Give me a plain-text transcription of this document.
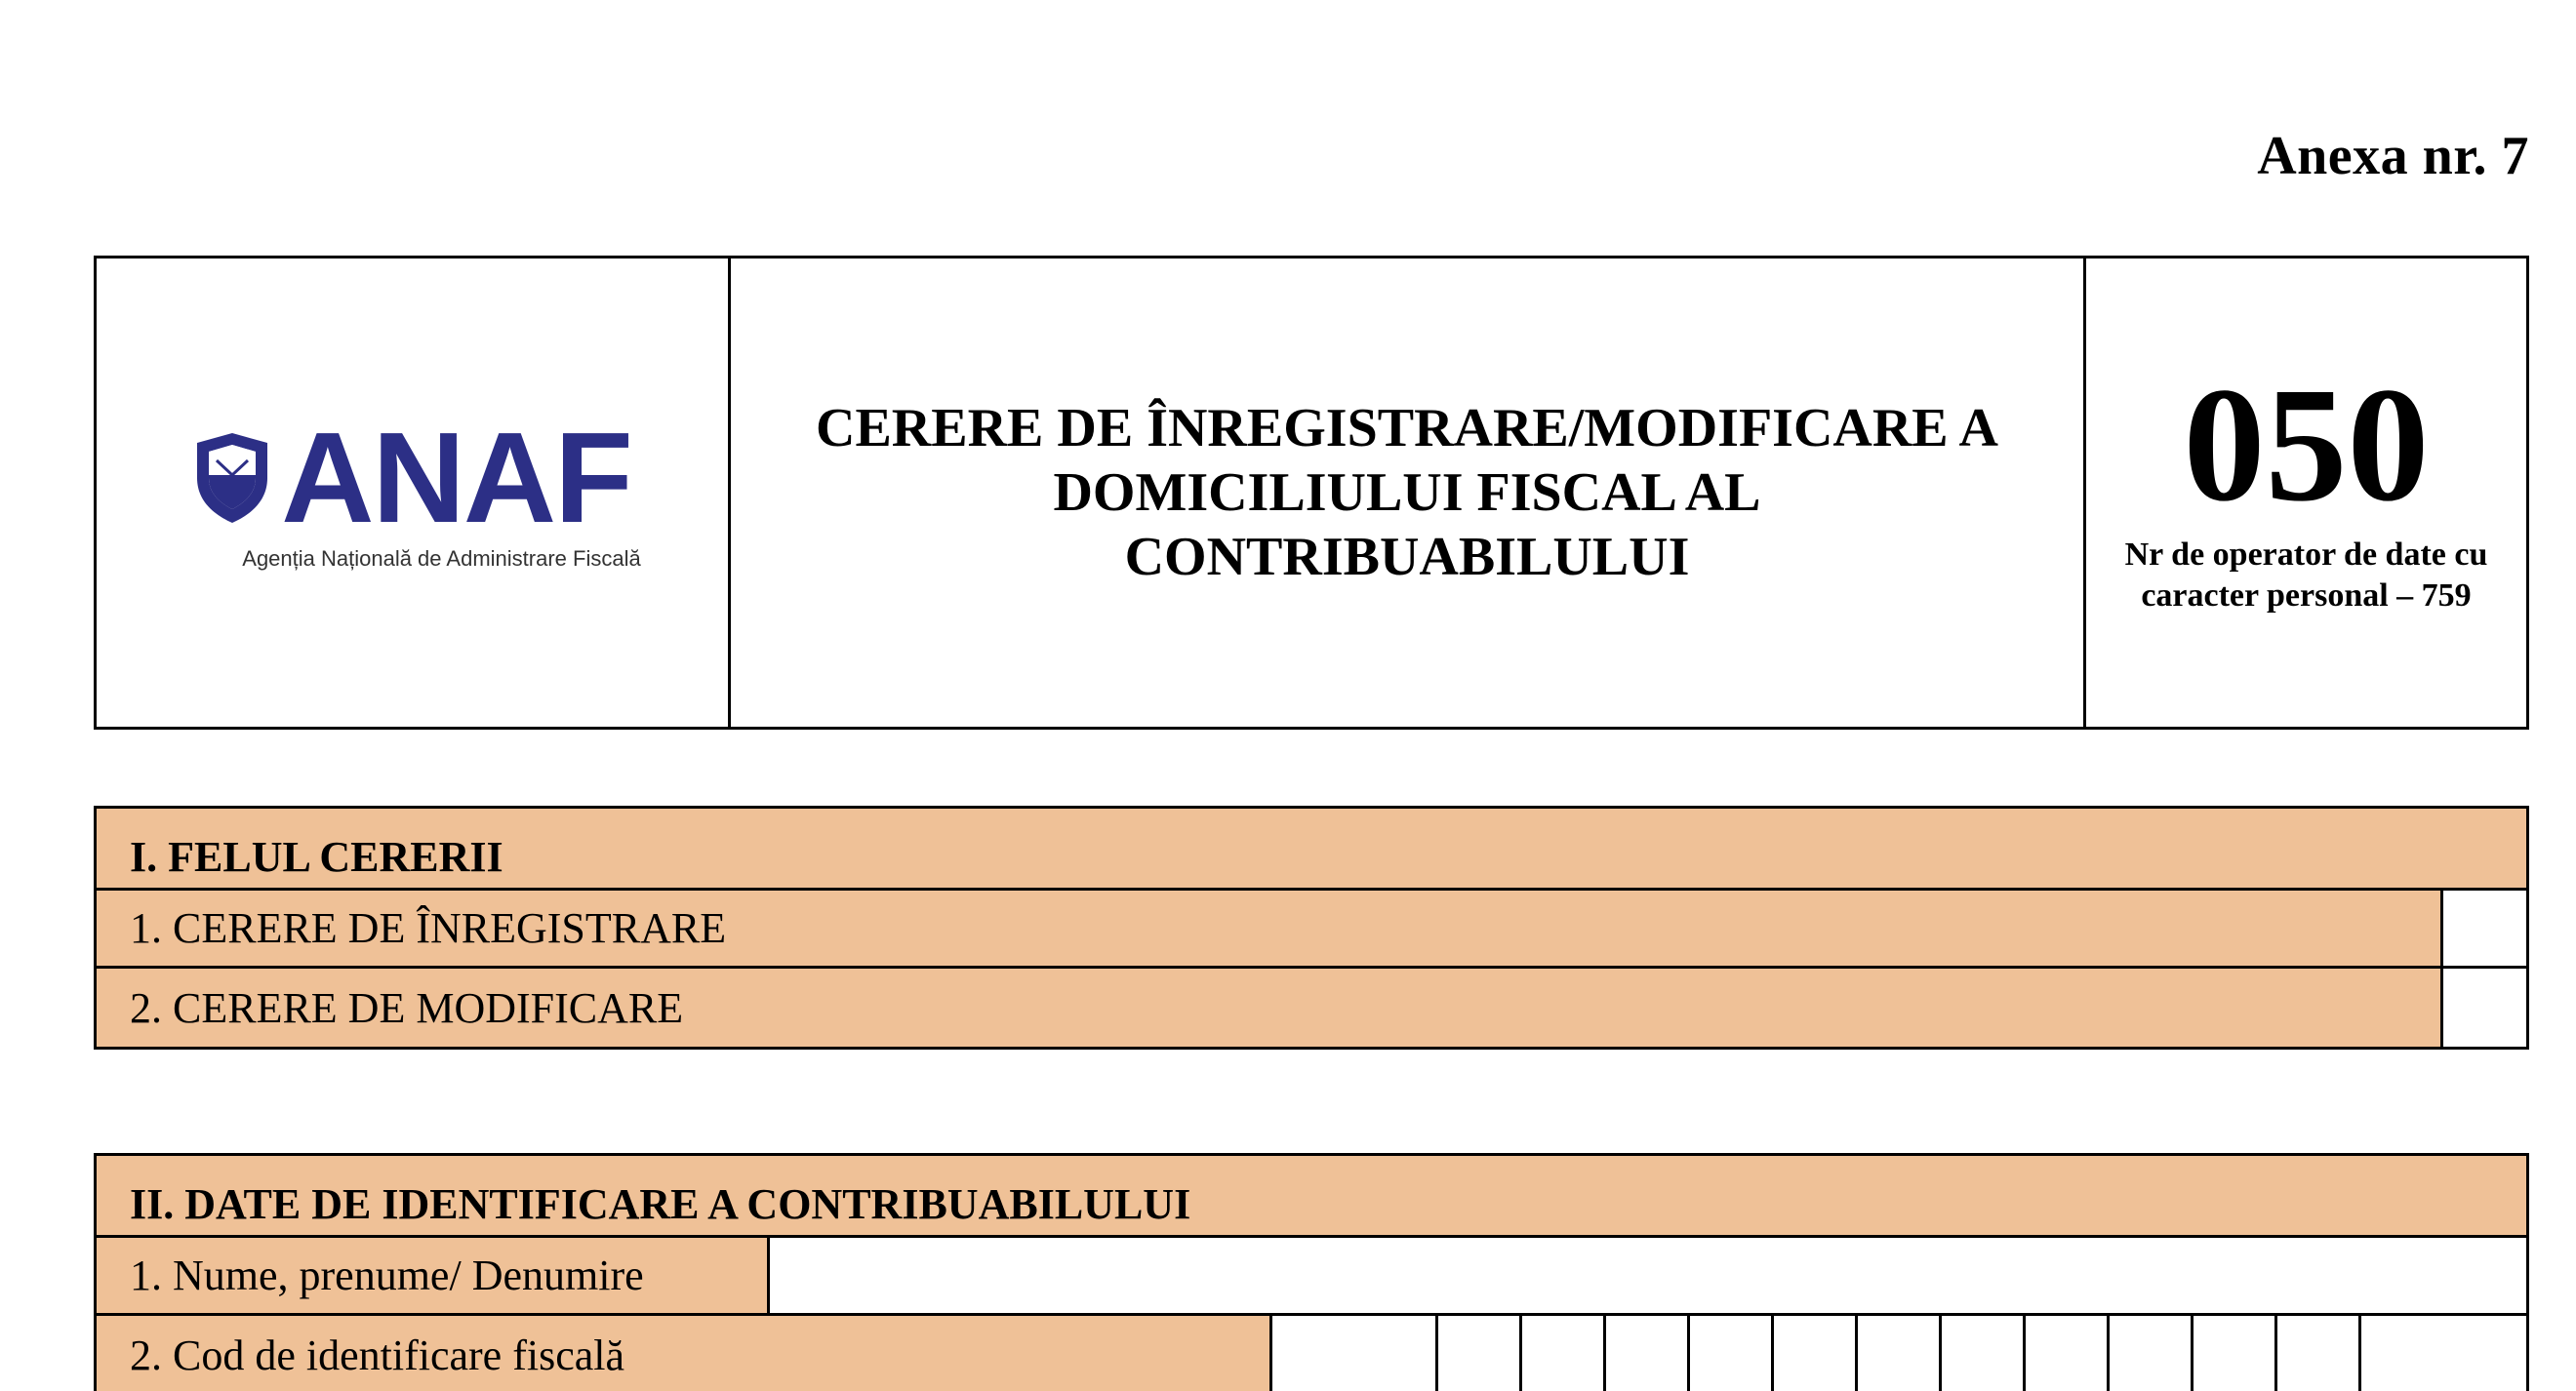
Anexa nr. 7
ANAF
Agenția Națională de Administrare Fiscală
CERERE DE ÎNREGISTRARE/MODIFICARE A DOMICILIULUI FISCAL AL CONTRIBUABILULUI
050
Nr de operator de date cu caracter personal – 759
I. FELUL CERERII
1. CERERE DE ÎNREGISTRARE
2. CERERE DE MODIFICARE
II. DATE DE IDENTIFICARE A CONTRIBUABILULUI
1. Nume, prenume/ Denumire
2. Cod de identificare fiscală
